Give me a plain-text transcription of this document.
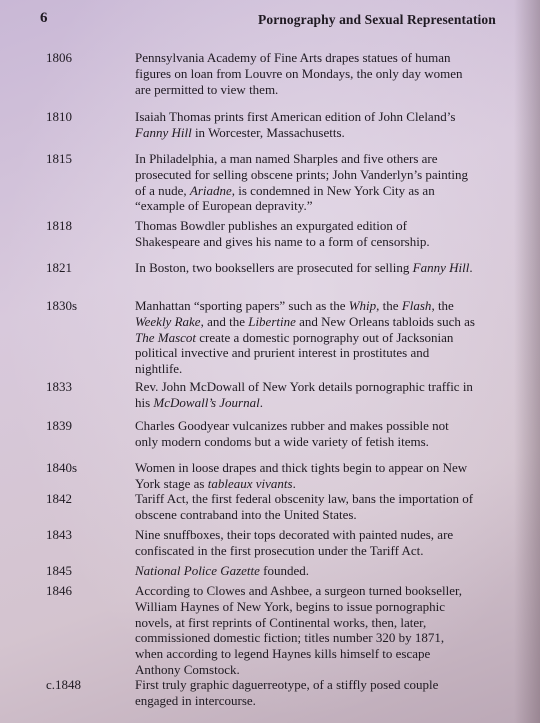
6	Pornography and Sexual Representation
1806	Pennsylvania Academy of Fine Arts drapes statues of human figures on loan from Louvre on Mondays, the only day women are permitted to view them.
1810	Isaiah Thomas prints first American edition of John Cleland’s Fanny Hill in Worcester, Massachusetts.
1815	In Philadelphia, a man named Sharples and five others are prosecuted for selling obscene prints; John Vanderlyn’s painting of a nude, Ariadne, is condemned in New York City as an “example of European depravity.”
1818	Thomas Bowdler publishes an expurgated edition of Shakespeare and gives his name to a form of censorship.
1821	In Boston, two booksellers are prosecuted for selling Fanny Hill.
1830s	Manhattan “sporting papers” such as the Whip, the Flash, the Weekly Rake, and the Libertine and New Orleans tabloids such as The Mascot create a domestic pornography out of Jacksonian political invective and prurient interest in prostitutes and nightlife.
1833	Rev. John McDowall of New York details pornographic traffic in his McDowall’s Journal.
1839	Charles Goodyear vulcanizes rubber and makes possible not only modern condoms but a wide variety of fetish items.
1840s	Women in loose drapes and thick tights begin to appear on New York stage as tableaux vivants.
1842	Tariff Act, the first federal obscenity law, bans the importation of obscene contraband into the United States.
1843	Nine snuffboxes, their tops decorated with painted nudes, are confiscated in the first prosecution under the Tariff Act.
1845	National Police Gazette founded.
1846	According to Clowes and Ashbee, a surgeon turned bookseller, William Haynes of New York, begins to issue pornographic novels, at first reprints of Continental works, then, later, commissioned domestic fiction; titles number 320 by 1871, when according to legend Haynes kills himself to escape Anthony Comstock.
c.1848	First truly graphic daguerreotype, of a stiffly posed couple engaged in intercourse.
